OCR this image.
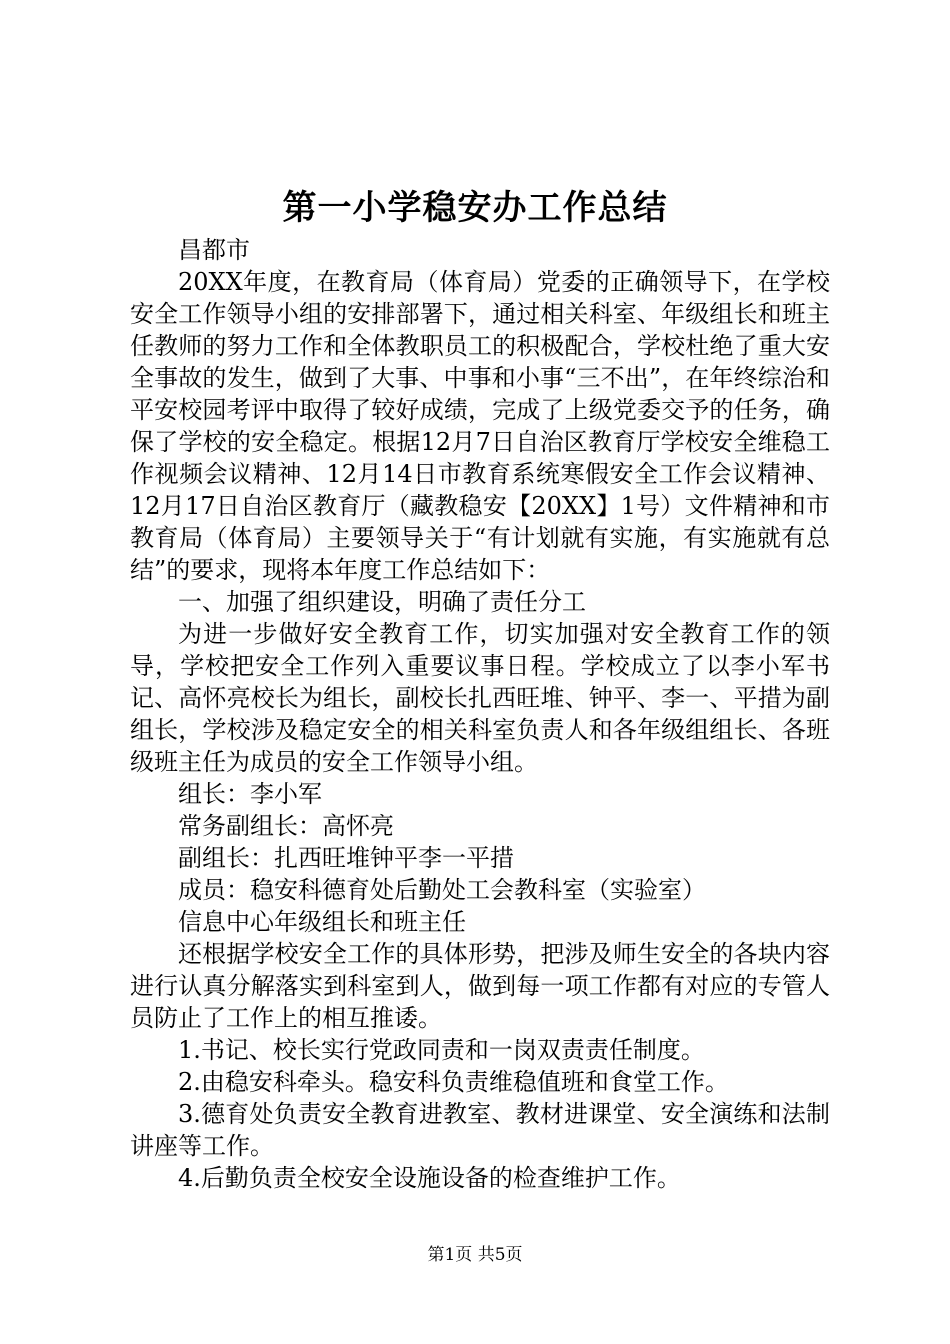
第一小学稳安办工作总结

昌都市

20XX年度，在教育局（体育局）党委的正确领导下，在学校安全工作领导小组的安排部署下，通过相关科室、年级组长和班主任教师的努力工作和全体教职员工的积极配合，学校杜绝了重大安全事故的发生，做到了大事、中事和小事“三不出”，在年终综治和平安校园考评中取得了较好成绩，完成了上级党委交予的任务，确保了学校的安全稳定。根据12月7日自治区教育厅学校安全维稳工作视频会议精神、12月14日市教育系统寒假安全工作会议精神、12月17日自治区教育厅（藏教稳安【20XX】1号）文件精神和市教育局（体育局）主要领导关于“有计划就有实施，有实施就有总结”的要求，现将本年度工作总结如下：

一、加强了组织建设，明确了责任分工

为进一步做好安全教育工作，切实加强对安全教育工作的领导，学校把安全工作列入重要议事日程。学校成立了以李小军书记、高怀亮校长为组长，副校长扎西旺堆、钟平、李一、平措为副组长，学校涉及稳定安全的相关科室负责人和各年级组组长、各班级班主任为成员的安全工作领导小组。

组长：李小军

常务副组长：高怀亮

副组长：扎西旺堆钟平李一平措

成员：稳安科德育处后勤处工会教科室（实验室）

信息中心年级组长和班主任

还根据学校安全工作的具体形势，把涉及师生安全的各块内容进行认真分解落实到科室到人，做到每一项工作都有对应的专管人员防止了工作上的相互推诿。

1.书记、校长实行党政同责和一岗双责责任制度。

2.由稳安科牵头。稳安科负责维稳值班和食堂工作。

3.德育处负责安全教育进教室、教材进课堂、安全演练和法制讲座等工作。

4.后勤负责全校安全设施设备的检查维护工作。

第1页 共5页
